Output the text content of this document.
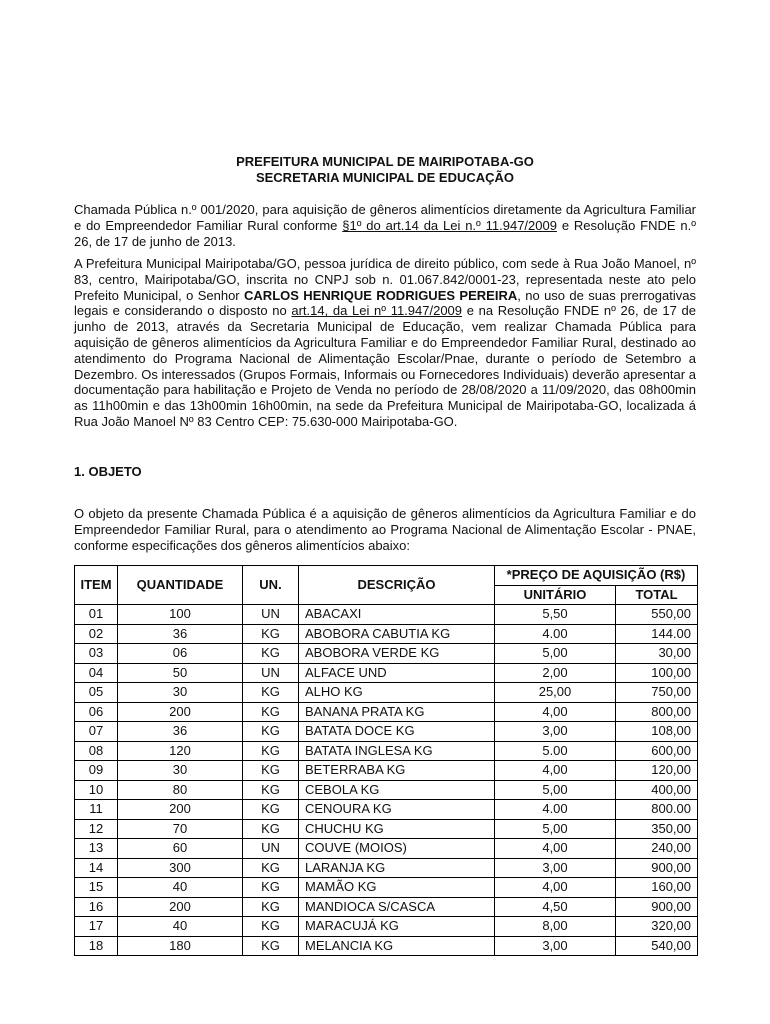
PREFEITURA MUNICIPAL DE MAIRIPOTABA-GO
SECRETARIA MUNICIPAL DE EDUCAÇÃO
Chamada Pública n.º 001/2020, para aquisição de gêneros alimentícios diretamente da Agricultura Familiar e do Empreendedor Familiar Rural conforme §1º do art.14 da Lei n.º 11.947/2009 e Resolução FNDE n.º 26, de 17 de junho de 2013.
A Prefeitura Municipal Mairipotaba/GO, pessoa jurídica de direito público, com sede à Rua João Manoel, nº 83, centro, Mairipotaba/GO, inscrita no CNPJ sob n. 01.067.842/0001-23, representada neste ato pelo Prefeito Municipal, o Senhor CARLOS HENRIQUE RODRIGUES PEREIRA, no uso de suas prerrogativas legais e considerando o disposto no art.14, da Lei nº 11.947/2009 e na Resolução FNDE nº 26, de 17 de junho de 2013, através da Secretaria Municipal de Educação, vem realizar Chamada Pública para aquisição de gêneros alimentícios da Agricultura Familiar e do Empreendedor Familiar Rural, destinado ao atendimento do Programa Nacional de Alimentação Escolar/Pnae, durante o período de Setembro a Dezembro. Os interessados (Grupos Formais, Informais ou Fornecedores Individuais) deverão apresentar a documentação para habilitação e Projeto de Venda no período de 28/08/2020 a 11/09/2020, das 08h00min as 11h00min e das 13h00min 16h00min, na sede da Prefeitura Municipal de Mairipotaba-GO, localizada á Rua João Manoel Nº 83 Centro CEP: 75.630-000 Mairipotaba-GO.
1. OBJETO
O objeto da presente Chamada Pública é a aquisição de gêneros alimentícios da Agricultura Familiar e do Empreendedor Familiar Rural, para o atendimento ao Programa Nacional de Alimentação Escolar - PNAE, conforme especificações dos gêneros alimentícios abaixo:
ITEM	QUANTIDADE	UN.	DESCRIÇÃO	*PREÇO DE AQUISIÇÃO (R$)	
				UNITÁRIO	TOTAL
01	100	UN	ABACAXI	5,50	550,00
02	36	KG	ABOBORA CABUTIA KG	4.00	144.00
03	06	KG	ABOBORA VERDE KG	5,00	30,00
04	50	UN	ALFACE UND	2,00	100,00
05	30	KG	ALHO KG	25,00	750,00
06	200	KG	BANANA PRATA KG	4,00	800,00
07	36	KG	BATATA DOCE KG	3,00	108,00
08	120	KG	BATATA INGLESA KG	5.00	600,00
09	30	KG	BETERRABA KG	4,00	120,00
10	80	KG	CEBOLA KG	5,00	400,00
11	200	KG	CENOURA KG	4.00	800.00
12	70	KG	CHUCHU KG	5,00	350,00
13	60	UN	COUVE (MOIOS)	4,00	240,00
14	300	KG	LARANJA KG	3,00	900,00
15	40	KG	MAMÃO KG	4,00	160,00
16	200	KG	MANDIOCA S/CASCA	4,50	900,00
17	40	KG	MARACUJÁ KG	8,00	320,00
18	180	KG	MELANCIA KG	3,00	540,00
